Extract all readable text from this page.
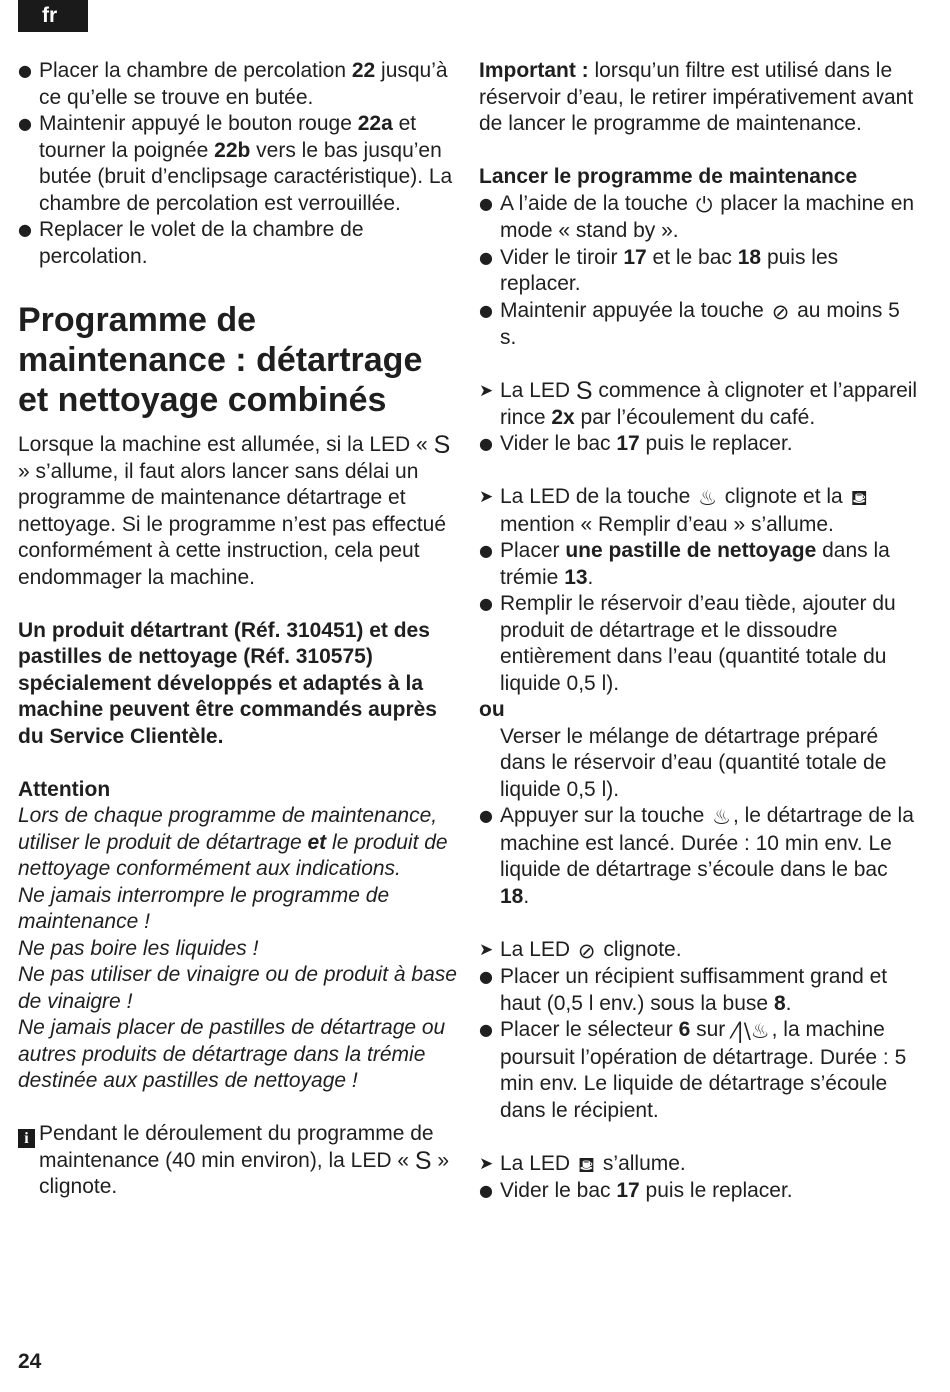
fr
● Placer la chambre de percolation 22 jusqu’à ce qu’elle se trouve en butée.
● Maintenir appuyé le bouton rouge 22a et tourner la poignée 22b vers le bas jusqu’en butée (bruit d’enclipsage caractéristique). La chambre de percolation est verrouillée.
● Replacer le volet de la chambre de percolation.
Programme de maintenance : détartrage et nettoyage combinés

Lorsque la machine est allumée, si la LED « S » s’allume, il faut alors lancer sans délai un programme de maintenance détartrage et nettoyage. Si le programme n’est pas effectué conformément à cette instruction, cela peut endommager la machine.

Un produit détartrant (Réf. 310451) et des pastilles de nettoyage (Réf. 310575) spécialement développés et adaptés à la machine peuvent être commandés auprès du Service Clientèle.

Attention

Lors de chaque programme de maintenance, utiliser le produit de détartrage et le produit de nettoyage conformément aux indications.

Ne jamais interrompre le programme de maintenance !

Ne pas boire les liquides !

Ne pas utiliser de vinaigre ou de produit à base de vinaigre !

Ne jamais placer de pastilles de détartrage ou autres produits de détartrage dans la trémie destinée aux pastilles de nettoyage !

i Pendant le déroulement du programme de maintenance (40 min environ), la LED « S » clignote.

Important : lorsqu’un filtre est utilisé dans le réservoir d’eau, le retirer impérativement avant de lancer le programme de maintenance.

Lancer le programme de maintenance

● A l’aide de la touche ⏻ placer la machine en mode « stand by ».
● Vider le tiroir 17 et le bac 18 puis les replacer.
● Maintenir appuyée la touche ⊘ au moins 5 s.
➤ La LED S commence à clignoter et l’appareil rince 2x par l’écoulement du café.
● Vider le bac 17 puis le replacer.
➤ La LED de la touche ♨ clignote et la ⛾ mention « Remplir d’eau » s’allume.
● Placer une pastille de nettoyage dans la trémie 13.
● Remplir le réservoir d’eau tiède, ajouter du produit de détartrage et le dissoudre entièrement dans l’eau (quantité totale du liquide 0,5 l).

ou

Verser le mélange de détartrage préparé dans le réservoir d’eau (quantité totale de liquide 0,5 l).

● Appuyer sur la touche ♨, le détartrage de la machine est lancé. Durée : 10 min env. Le liquide de détartrage s’écoule dans le bac 18.
➤ La LED ⊘ clignote.
● Placer un récipient suffisamment grand et haut (0,5 l env.) sous la buse 8.
● Placer le sélecteur 6 sur ⁄|\♨, la machine poursuit l’opération de détartrage. Durée : 5 min env. Le liquide de détartrage s’écoule dans le récipient.
➤ La LED ⛾ s’allume.
● Vider le bac 17 puis le replacer.
24
